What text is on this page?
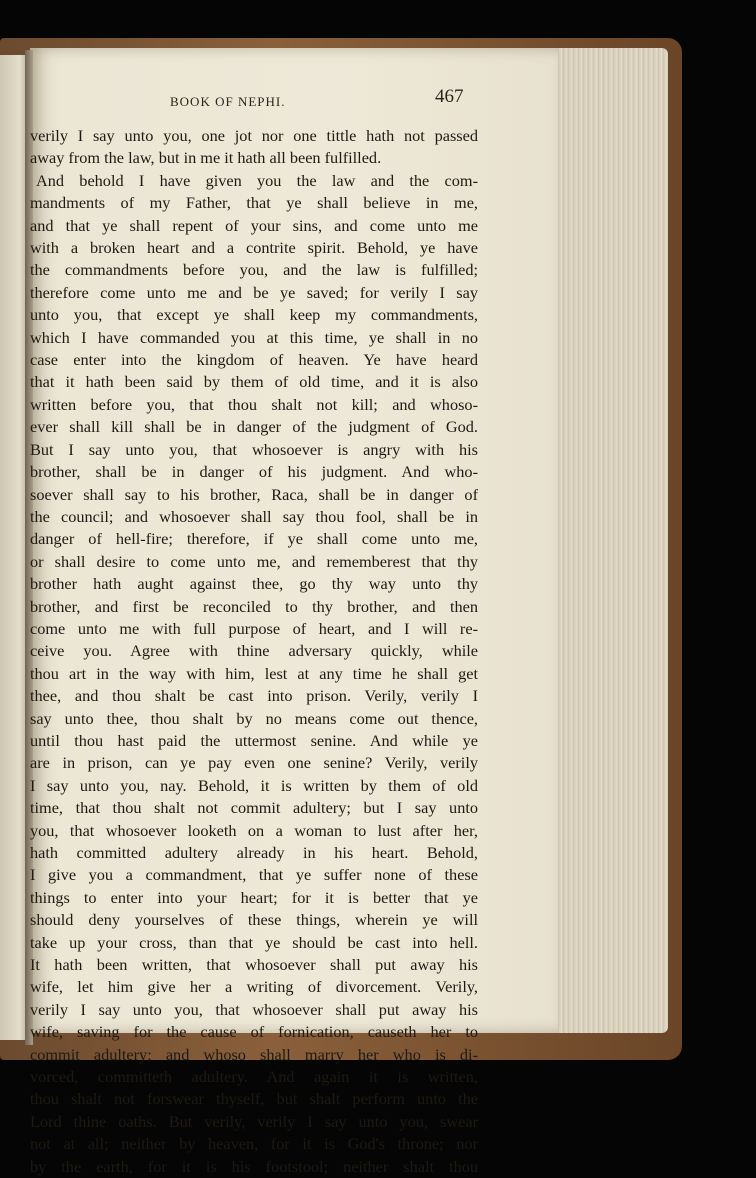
BOOK OF NEPHI.	467
verily I say unto you, one jot nor one tittle hath not passed
away from the law, but in me it hath all been fulfilled.
And behold I have given you the law and the com-
mandments of my Father, that ye shall believe in me,
and that ye shall repent of your sins, and come unto me
with a broken heart and a contrite spirit. Behold, ye have
the commandments before you, and the law is fulfilled;
therefore come unto me and be ye saved; for verily I say
unto you, that except ye shall keep my commandments,
which I have commanded you at this time, ye shall in no
case enter into the kingdom of heaven. Ye have heard
that it hath been said by them of old time, and it is also
written before you, that thou shalt not kill; and whoso-
ever shall kill shall be in danger of the judgment of God.
But I say unto you, that whosoever is angry with his
brother, shall be in danger of his judgment. And who-
soever shall say to his brother, Raca, shall be in danger of
the council; and whosoever shall say thou fool, shall be in
danger of hell-fire; therefore, if ye shall come unto me,
or shall desire to come unto me, and rememberest that thy
brother hath aught against thee, go thy way unto thy
brother, and first be reconciled to thy brother, and then
come unto me with full purpose of heart, and I will re-
ceive you. Agree with thine adversary quickly, while
thou art in the way with him, lest at any time he shall get
thee, and thou shalt be cast into prison. Verily, verily I
say unto thee, thou shalt by no means come out thence,
until thou hast paid the uttermost senine. And while ye
are in prison, can ye pay even one senine? Verily, verily
I say unto you, nay. Behold, it is written by them of old
time, that thou shalt not commit adultery; but I say unto
you, that whosoever looketh on a woman to lust after her,
hath committed adultery already in his heart. Behold,
I give you a commandment, that ye suffer none of these
things to enter into your heart; for it is better that ye
should deny yourselves of these things, wherein ye will
take up your cross, than that ye should be cast into hell.
It hath been written, that whosoever shall put away his
wife, let him give her a writing of divorcement. Verily,
verily I say unto you, that whosoever shall put away his
wife, saving for the cause of fornication, causeth her to
commit adultery; and whoso shall marry her who is di-
vorced, committeth adultery. And again it is written,
thou shalt not forswear thyself, but shalt perform unto the
Lord thine oaths. But verily, verily I say unto you, swear
not at all; neither by heaven, for it is God's throne; nor
by the earth, for it is his footstool; neither shalt thou
